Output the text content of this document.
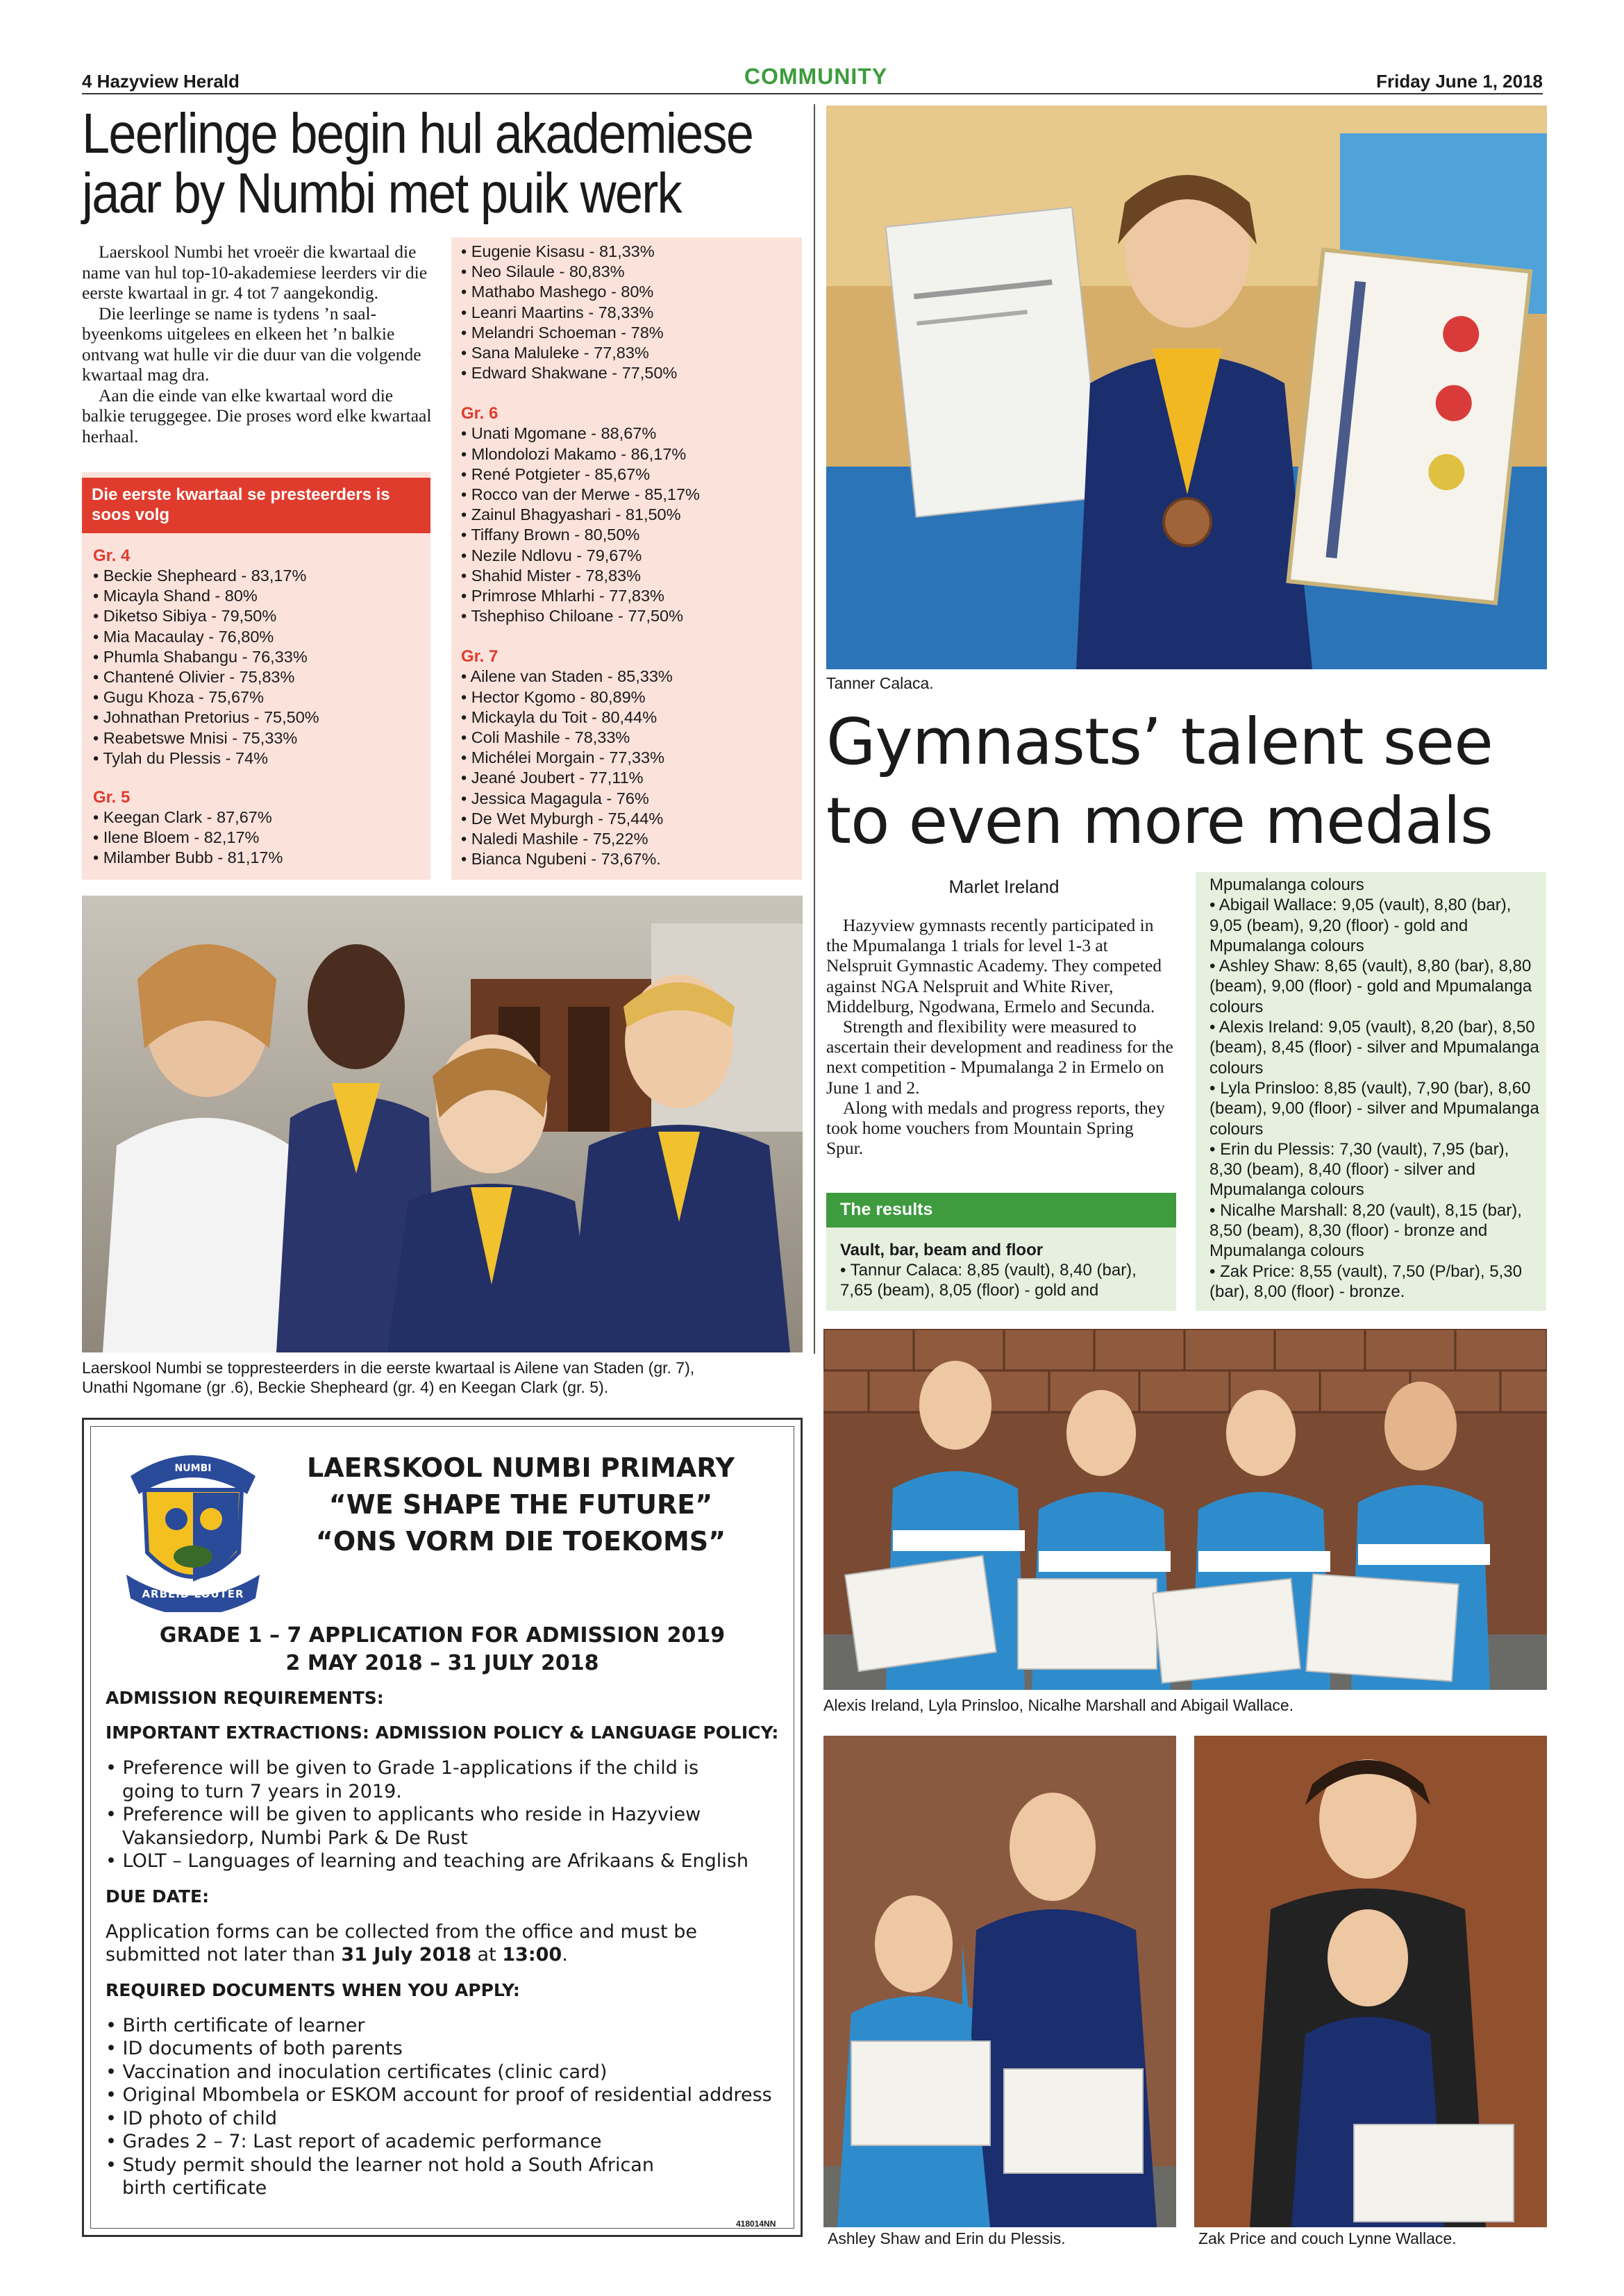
4 Hazyview Herald	COMMUNITY	Friday June 1, 2018
Leerlinge begin hul akademiese
jaar by Numbi met puik werk

Laerskool Numbi het vroeër die kwartaal die name van hul top-10-akademiese leerders vir die eerste kwartaal in gr. 4 tot 7 aangekondig.

Die leerlinge se name is tydens ’n saalbyeenkoms uitgelees en elkeen het ’n balkie ontvang wat hulle vir die duur van die volgende kwartaal mag dra.

Aan die einde van elke kwartaal word die balkie teruggegee. Die proses word elke kwartaal herhaal.

Die eerste kwartaal se presteerders is soos volg
Gr. 4
• Beckie Shepheard - 83,17%
• Micayla Shand - 80%
• Diketso Sibiya - 79,50%
• Mia Macaulay - 76,80%
• Phumla Shabangu - 76,33%
• Chantené Olivier - 75,83%
• Gugu Khoza - 75,67%
• Johnathan Pretorius - 75,50%
• Reabetswe Mnisi - 75,33%
• Tylah du Plessis - 74%
Gr. 5
• Keegan Clark - 87,67%
• Ilene Bloem - 82,17%
• Milamber Bubb - 81,17%
• Eugenie Kisasu - 81,33%
• Neo Silaule - 80,83%
• Mathabo Mashego - 80%
• Leanri Maartins - 78,33%
• Melandri Schoeman - 78%
• Sana Maluleke - 77,83%
• Edward Shakwane - 77,50%
Gr. 6
• Unati Mgomane - 88,67%
• Mlondolozi Makamo - 86,17%
• René Potgieter - 85,67%
• Rocco van der Merwe - 85,17%
• Zainul Bhagyashari - 81,50%
• Tiffany Brown - 80,50%
• Nezile Ndlovu - 79,67%
• Shahid Mister - 78,83%
• Primrose Mhlarhi - 77,83%
• Tshephiso Chiloane - 77,50%
Gr. 7
• Ailene van Staden - 85,33%
• Hector Kgomo - 80,89%
• Mickayla du Toit - 80,44%
• Coli Mashile - 78,33%
• Michélei Morgain - 77,33%
• Jeané Joubert - 77,11%
• Jessica Magagula - 76%
• De Wet Myburgh - 75,44%
• Naledi Mashile - 75,22%
• Bianca Ngubeni - 73,67%.
Laerskool Numbi se toppresteerders in die eerste kwartaal is Ailene van Staden (gr. 7),
Unathi Ngomane (gr .6), Beckie Shepheard (gr. 4) en Keegan Clark (gr. 5).
LAERSKOOL
NUMBI
ARBEID LOUTER
LAERSKOOL NUMBI PRIMARY
“WE SHAPE THE FUTURE”
“ONS VORM DIE TOEKOMS”
GRADE 1 – 7 APPLICATION FOR ADMISSION 2019
2 MAY 2018 – 31 JULY 2018
ADMISSION REQUIREMENTS:
IMPORTANT EXTRACTIONS: ADMISSION POLICY & LANGUAGE POLICY:
• Preference will be given to Grade 1-applications if the child is going to turn 7 years in 2019.
• Preference will be given to applicants who reside in Hazyview Vakansiedorp, Numbi Park & De Rust
• LOLT – Languages of learning and teaching are Afrikaans & English
DUE DATE:
Application forms can be collected from the office and must be submitted not later than 31 July 2018 at 13:00.
REQUIRED DOCUMENTS WHEN YOU APPLY:
• Birth certificate of learner
• ID documents of both parents
• Vaccination and inoculation certificates (clinic card)
• Original Mbombela or ESKOM account for proof of residential address
• ID photo of child
• Grades 2 – 7: Last report of academic performance
• Study permit should the learner not hold a South African birth certificate
418014NN
Tanner Calaca.
Gymnasts’ talent see
to even more medals
Marlet Ireland

Hazyview gymnasts recently participated in the Mpumalanga 1 trials for level 1-3 at Nelspruit Gymnastic Academy. They competed against NGA Nelspruit and White River, Middelburg, Ngodwana, Ermelo and Secunda.

Strength and flexibility were measured to ascertain their development and readiness for the next competition - Mpumalanga 2 in Ermelo on June 1 and 2.

Along with medals and progress reports, they took home vouchers from Mountain Spring Spur.

The results
Vault, bar, beam and floor
• Tannur Calaca: 8,85 (vault), 8,40 (bar), 7,65 (beam), 8,05 (floor) - gold and
Mpumalanga colours
• Abigail Wallace: 9,05 (vault), 8,80 (bar), 9,05 (beam), 9,20 (floor) - gold and Mpumalanga colours
• Ashley Shaw: 8,65 (vault), 8,80 (bar), 8,80 (beam), 9,00 (floor) - gold and Mpumalanga colours
• Alexis Ireland: 9,05 (vault), 8,20 (bar), 8,50 (beam), 8,45 (floor) - silver and Mpumalanga colours
• Lyla Prinsloo: 8,85 (vault), 7,90 (bar), 8,60 (beam), 9,00 (floor) - silver and Mpumalanga colours
• Erin du Plessis: 7,30 (vault), 7,95 (bar), 8,30 (beam), 8,40 (floor) - silver and Mpumalanga colours
• Nicalhe Marshall: 8,20 (vault), 8,15 (bar), 8,50 (beam), 8,30 (floor) - bronze and Mpumalanga colours
• Zak Price: 8,55 (vault), 7,50 (P/bar), 5,30 (bar), 8,00 (floor) - bronze.
Alexis Ireland, Lyla Prinsloo, Nicalhe Marshall and Abigail Wallace.
Ashley Shaw and Erin du Plessis.	Zak Price and couch Lynne Wallace.
